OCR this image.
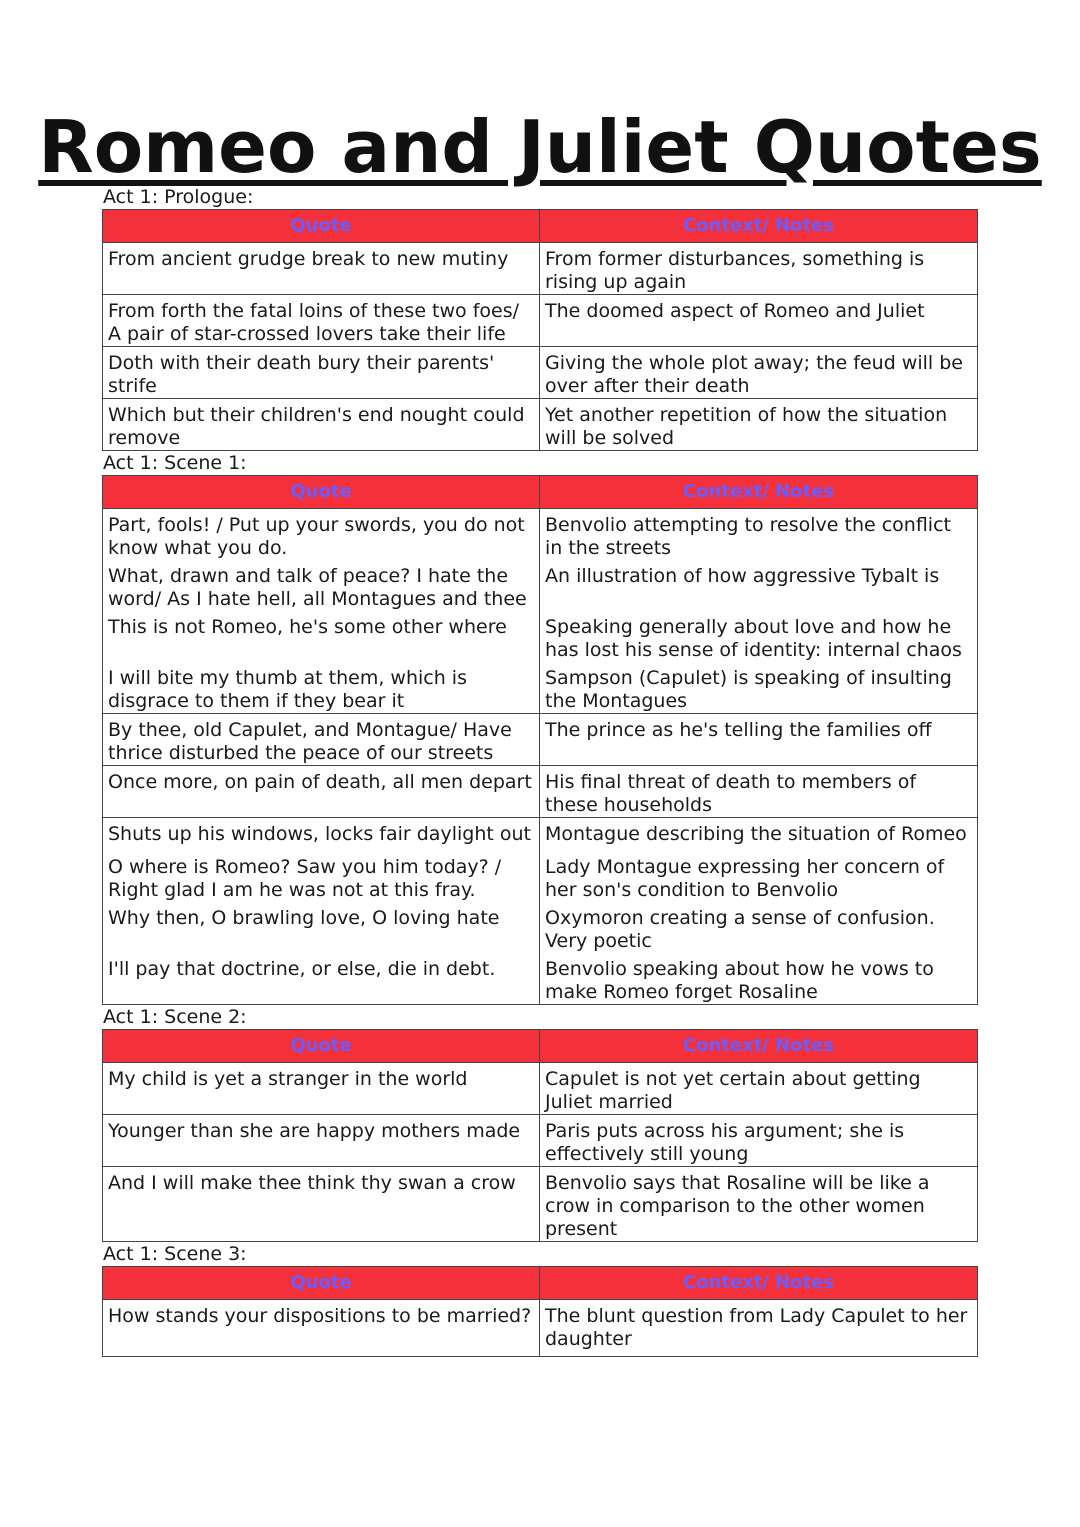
Romeo and Juliet Quotes
Act 1: Prologue:
Quote	Context/ Notes
From ancient grudge break to new mutiny	From former disturbances, something is rising up again
From forth the fatal loins of these two foes/ A pair of star-crossed lovers take their life	The doomed aspect of Romeo and Juliet
Doth with their death bury their parents' strife	Giving the whole plot away; the feud will be over after their death
Which but their children's end nought could remove	Yet another repetition of how the situation will be solved
Act 1: Scene 1:
Quote	Context/ Notes
Part, fools! / Put up your swords, you do not know what you do.	Benvolio attempting to resolve the conflict in the streets
What, drawn and talk of peace? I hate the word/ As I hate hell, all Montagues and thee	An illustration of how aggressive Tybalt is
This is not Romeo, he's some other where	Speaking generally about love and how he has lost his sense of identity: internal chaos
I will bite my thumb at them, which is disgrace to them if they bear it	Sampson (Capulet) is speaking of insulting the Montagues
By thee, old Capulet, and Montague/ Have thrice disturbed the peace of our streets	The prince as he's telling the families off
Once more, on pain of death, all men depart	His final threat of death to members of these households
Shuts up his windows, locks fair daylight out	Montague describing the situation of Romeo
O where is Romeo? Saw you him today? / Right glad I am he was not at this fray.	Lady Montague expressing her concern of her son's condition to Benvolio
Why then, O brawling love, O loving hate	Oxymoron creating a sense of confusion. Very poetic
I'll pay that doctrine, or else, die in debt.	Benvolio speaking about how he vows to make Romeo forget Rosaline
Act 1: Scene 2:
Quote	Context/ Notes
My child is yet a stranger in the world	Capulet is not yet certain about getting Juliet married
Younger than she are happy mothers made	Paris puts across his argument; she is effectively still young
And I will make thee think thy swan a crow	Benvolio says that Rosaline will be like a crow in comparison to the other women present
Act 1: Scene 3:
Quote	Context/ Notes
How stands your dispositions to be married?	The blunt question from Lady Capulet to her daughter
